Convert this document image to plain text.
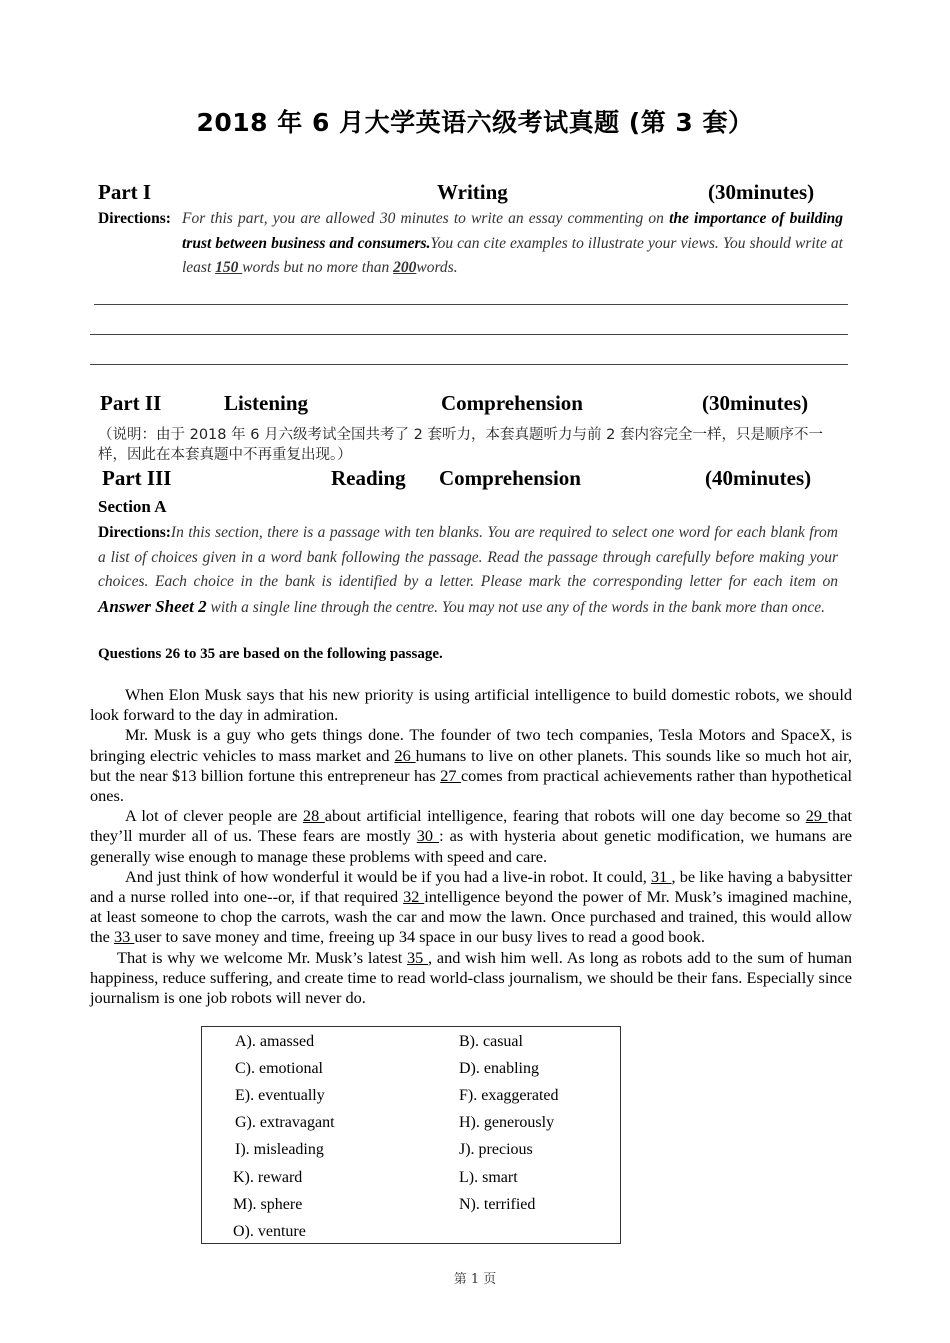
2018 年 6 月大学英语六级考试真题 (第 3 套）
Part I	Writing	(30minutes)
Directions: For this part, you are allowed 30 minutes to write an essay commenting on the importance of building trust between business and consumers.You can cite examples to illustrate your views. You should write at least 150 words but no more than 200words.
Part II	Listening	Comprehension	(30minutes)
（说明：由于 2018 年 6 月六级考试全国共考了 2 套听力，本套真题听力与前 2 套内容完全一样，只是顺序不一样，因此在本套真题中不再重复出现。）
Part III	Reading Comprehension	(40minutes)
Section A
Directions:In this section, there is a passage with ten blanks. You are required to select one word for each blank from a list of choices given in a word bank following the passage. Read the passage through carefully before making your choices. Each choice in the bank is identified by a letter. Please mark the corresponding letter for each item on Answer Sheet 2 with a single line through the centre. You may not use any of the words in the bank more than once.
Questions 26 to 35 are based on the following passage.

When Elon Musk says that his new priority is using artificial intelligence to build domestic robots, we should look forward to the day in admiration.

Mr. Musk is a guy who gets things done. The founder of two tech companies, Tesla Motors and SpaceX, is bringing electric vehicles to mass market and 26 humans to live on other planets. This sounds like so much hot air, but the near $13 billion fortune this entrepreneur has 27 comes from practical achievements rather than hypothetical ones.

A lot of clever people are 28 about artificial intelligence, fearing that robots will one day become so 29 that they’ll murder all of us. These fears are mostly 30 : as with hysteria about genetic modification, we humans are generally wise enough to manage these problems with speed and care.

And just think of how wonderful it would be if you had a live-in robot. It could, 31 , be like having a babysitter and a nurse rolled into one--or, if that required 32 intelligence beyond the power of Mr. Musk’s imagined machine, at least someone to chop the carrots, wash the car and mow the lawn. Once purchased and trained, this would allow the 33 user to save money and time, freeing up 34 space in our busy lives to read a good book.

That is why we welcome Mr. Musk’s latest 35 , and wish him well. As long as robots add to the sum of human happiness, reduce suffering, and create time to read world-class journalism, we should be their fans. Especially since journalism is one job robots will never do.

A). amassed	B). casual
C). emotional	D). enabling
E). eventually	F). exaggerated
G). extravagant	H). generously
I). misleading	J). precious
K). reward	L). smart
M). sphere	N). terrified
O). venture
第 1 页
